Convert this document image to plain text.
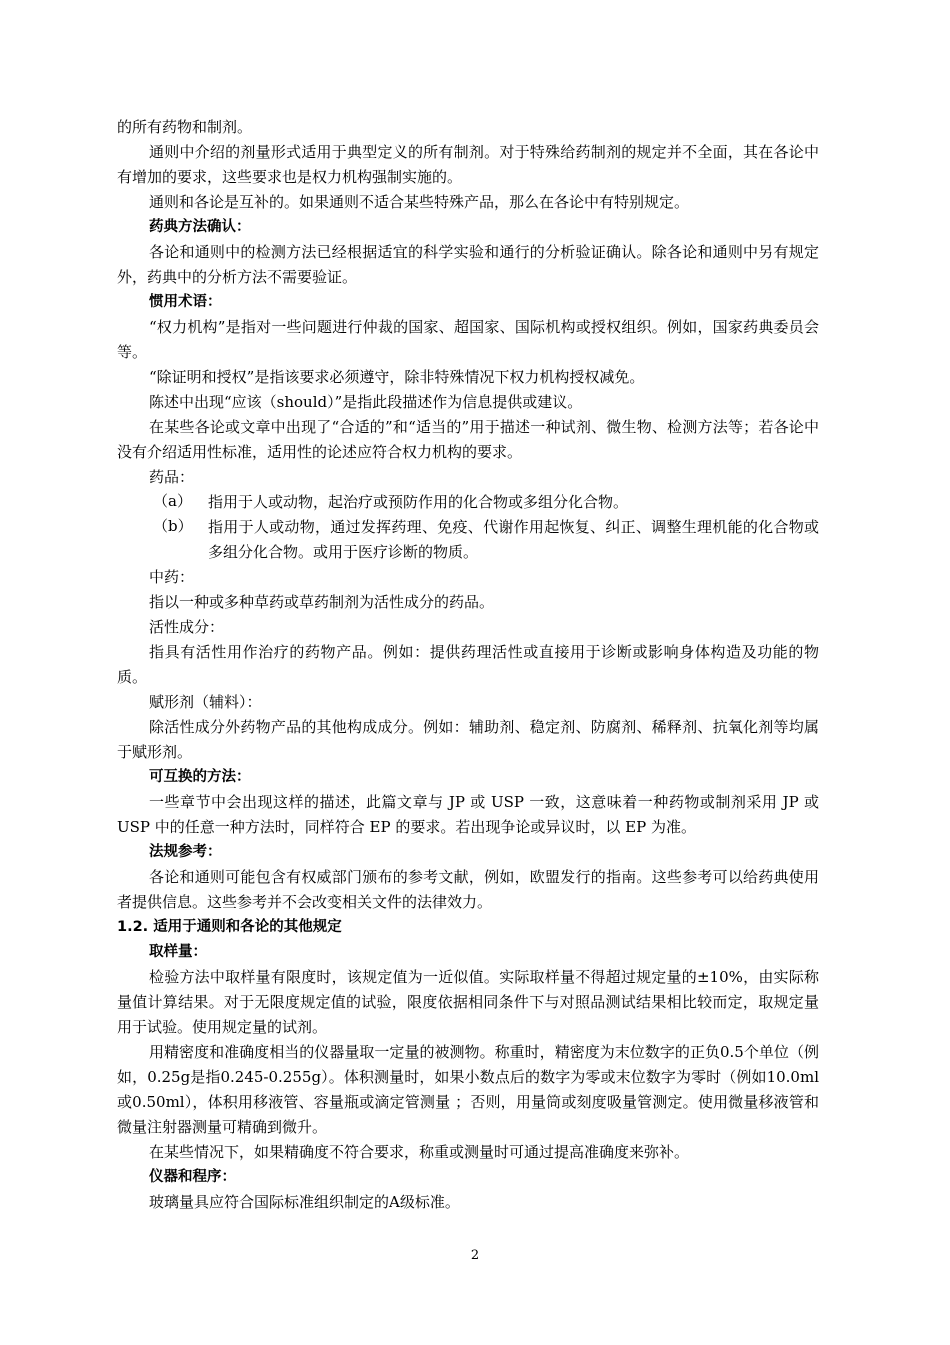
的所有药物和制剂。

通则中介绍的剂量形式适用于典型定义的所有制剂。对于特殊给药制剂的规定并不全面，其在各论中有增加的要求，这些要求也是权力机构强制实施的。

通则和各论是互补的。如果通则不适合某些特殊产品，那么在各论中有特别规定。

药典方法确认：

各论和通则中的检测方法已经根据适宜的科学实验和通行的分析验证确认。除各论和通则中另有规定外，药典中的分析方法不需要验证。

惯用术语：

“权力机构”是指对一些问题进行仲裁的国家、超国家、国际机构或授权组织。例如，国家药典委员会等。

“除证明和授权”是指该要求必须遵守，除非特殊情况下权力机构授权减免。

陈述中出现“应该（should）”是指此段描述作为信息提供或建议。

在某些各论或文章中出现了“合适的”和“适当的”用于描述一种试剂、微生物、检测方法等；若各论中没有介绍适用性标准，适用性的论述应符合权力机构的要求。

药品：

（a）	指用于人或动物，起治疗或预防作用的化合物或多组分化合物。

（b）	指用于人或动物，通过发挥药理、免疫、代谢作用起恢复、纠正、调整生理机能的化合物或多组分化合物。或用于医疗诊断的物质。

中药：

指以一种或多种草药或草药制剂为活性成分的药品。

活性成分：

指具有活性用作治疗的药物产品。例如：提供药理活性或直接用于诊断或影响身体构造及功能的物质。

赋形剂（辅料）：

除活性成分外药物产品的其他构成成分。例如：辅助剂、稳定剂、防腐剂、稀释剂、抗氧化剂等均属于赋形剂。

可互换的方法：

一些章节中会出现这样的描述，此篇文章与 JP 或 USP 一致，这意味着一种药物或制剂采用 JP 或 USP 中的任意一种方法时，同样符合 EP 的要求。若出现争论或异议时，以 EP 为准。

法规参考：

各论和通则可能包含有权威部门颁布的参考文献，例如，欧盟发行的指南。这些参考可以给药典使用者提供信息。这些参考并不会改变相关文件的法律效力。

1.2. 适用于通则和各论的其他规定

取样量：

检验方法中取样量有限度时，该规定值为一近似值。实际取样量不得超过规定量的±10%，由实际称量值计算结果。对于无限度规定值的试验，限度依据相同条件下与对照品测试结果相比较而定，取规定量用于试验。使用规定量的试剂。

用精密度和准确度相当的仪器量取一定量的被测物。称重时，精密度为末位数字的正负0.5个单位（例如，0.25g是指0.245-0.255g）。体积测量时，如果小数点后的数字为零或末位数字为零时（例如10.0ml或0.50ml），体积用移液管、容量瓶或滴定管测量 ；否则，用量筒或刻度吸量管测定。使用微量移液管和微量注射器测量可精确到微升。

在某些情况下，如果精确度不符合要求，称重或测量时可通过提高准确度来弥补。

仪器和程序：

玻璃量具应符合国际标准组织制定的A级标准。

2
